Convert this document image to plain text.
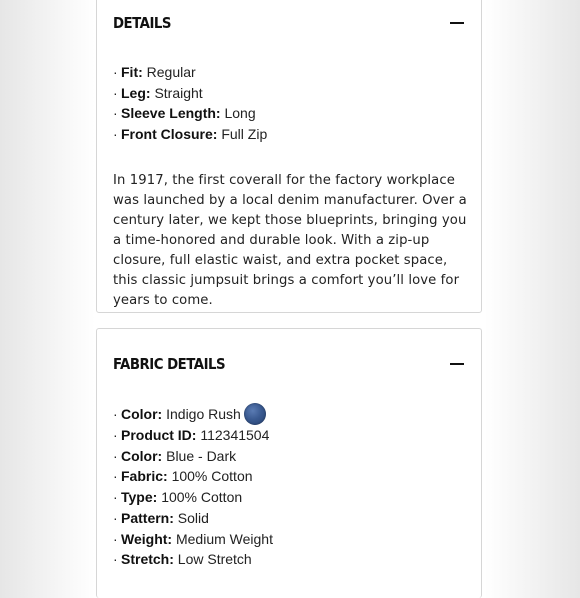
DETAILS
· Fit: Regular
· Leg: Straight
· Sleeve Length: Long
· Front Closure: Full Zip

In 1917, the first coverall for the factory workplace was launched by a local denim manufacturer. Over a century later, we kept those blueprints, bringing you a time-honored and durable look. With a zip-up closure, full elastic waist, and extra pocket space, this classic jumpsuit brings a comfort you’ll love for years to come.

FABRIC DETAILS
· Color: Indigo Rush
· Product ID: 112341504
· Color: Blue - Dark
· Fabric: 100% Cotton
· Type: 100% Cotton
· Pattern: Solid
· Weight: Medium Weight
· Stretch: Low Stretch
